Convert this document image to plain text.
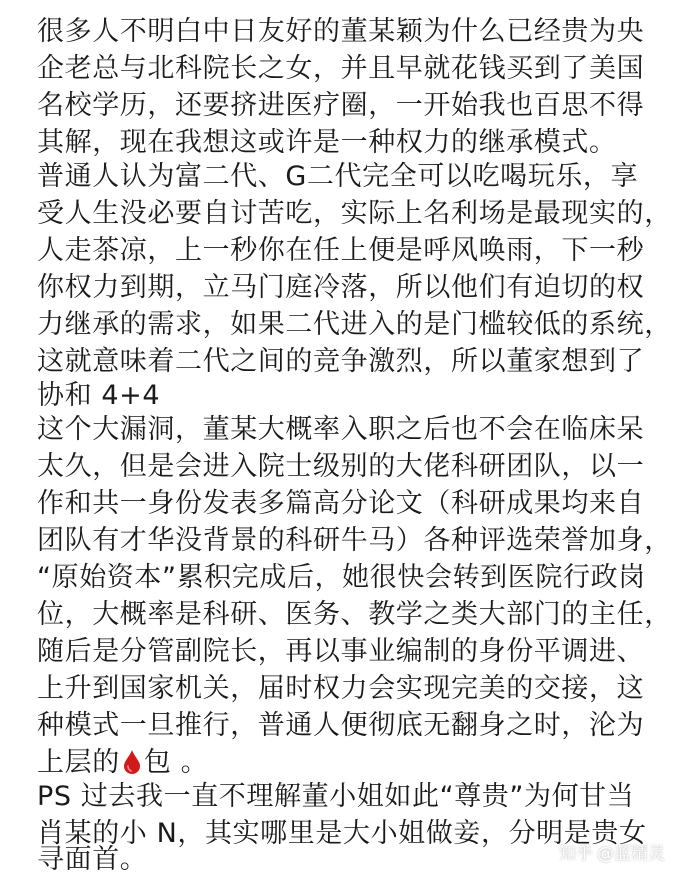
很多人不明白中日友好的董某颖为什么已经贵为央
企老总与北科院长之女，并且早就花钱买到了美国
名校学历，还要挤进医疗圈，一开始我也百思不得
其解，现在我想这或许是一种权力的继承模式。
普通人认为富二代、G二代完全可以吃喝玩乐，享
受人生没必要自讨苦吃，实际上名利场是最现实的，
人走茶凉，上一秒你在任上便是呼风唤雨，下一秒
你权力到期，立马门庭冷落，所以他们有迫切的权
力继承的需求，如果二代进入的是门槛较低的系统，
这就意味着二代之间的竞争激烈，所以董家想到了
协和 4+4
这个大漏洞，董某大概率入职之后也不会在临床呆
太久，但是会进入院士级别的大佬科研团队，以一
作和共一身份发表多篇高分论文（科研成果均来自
团队有才华没背景的科研牛马）各种评选荣誉加身，
“原始资本”累积完成后，她很快会转到医院行政岗
位，大概率是科研、医务、教学之类大部门的主任，
随后是分管副院长，再以事业编制的身份平调进、
上升到国家机关，届时权力会实现完美的交接，这
种模式一旦推行，普通人便彻底无翻身之时，沦为
上层的 包 。
PS 过去我一直不理解董小姐如此“尊贵”为何甘当
肖某的小 N，其实哪里是大小姐做妾，分明是贵女
寻面首。	知乎 @蓝精灵
